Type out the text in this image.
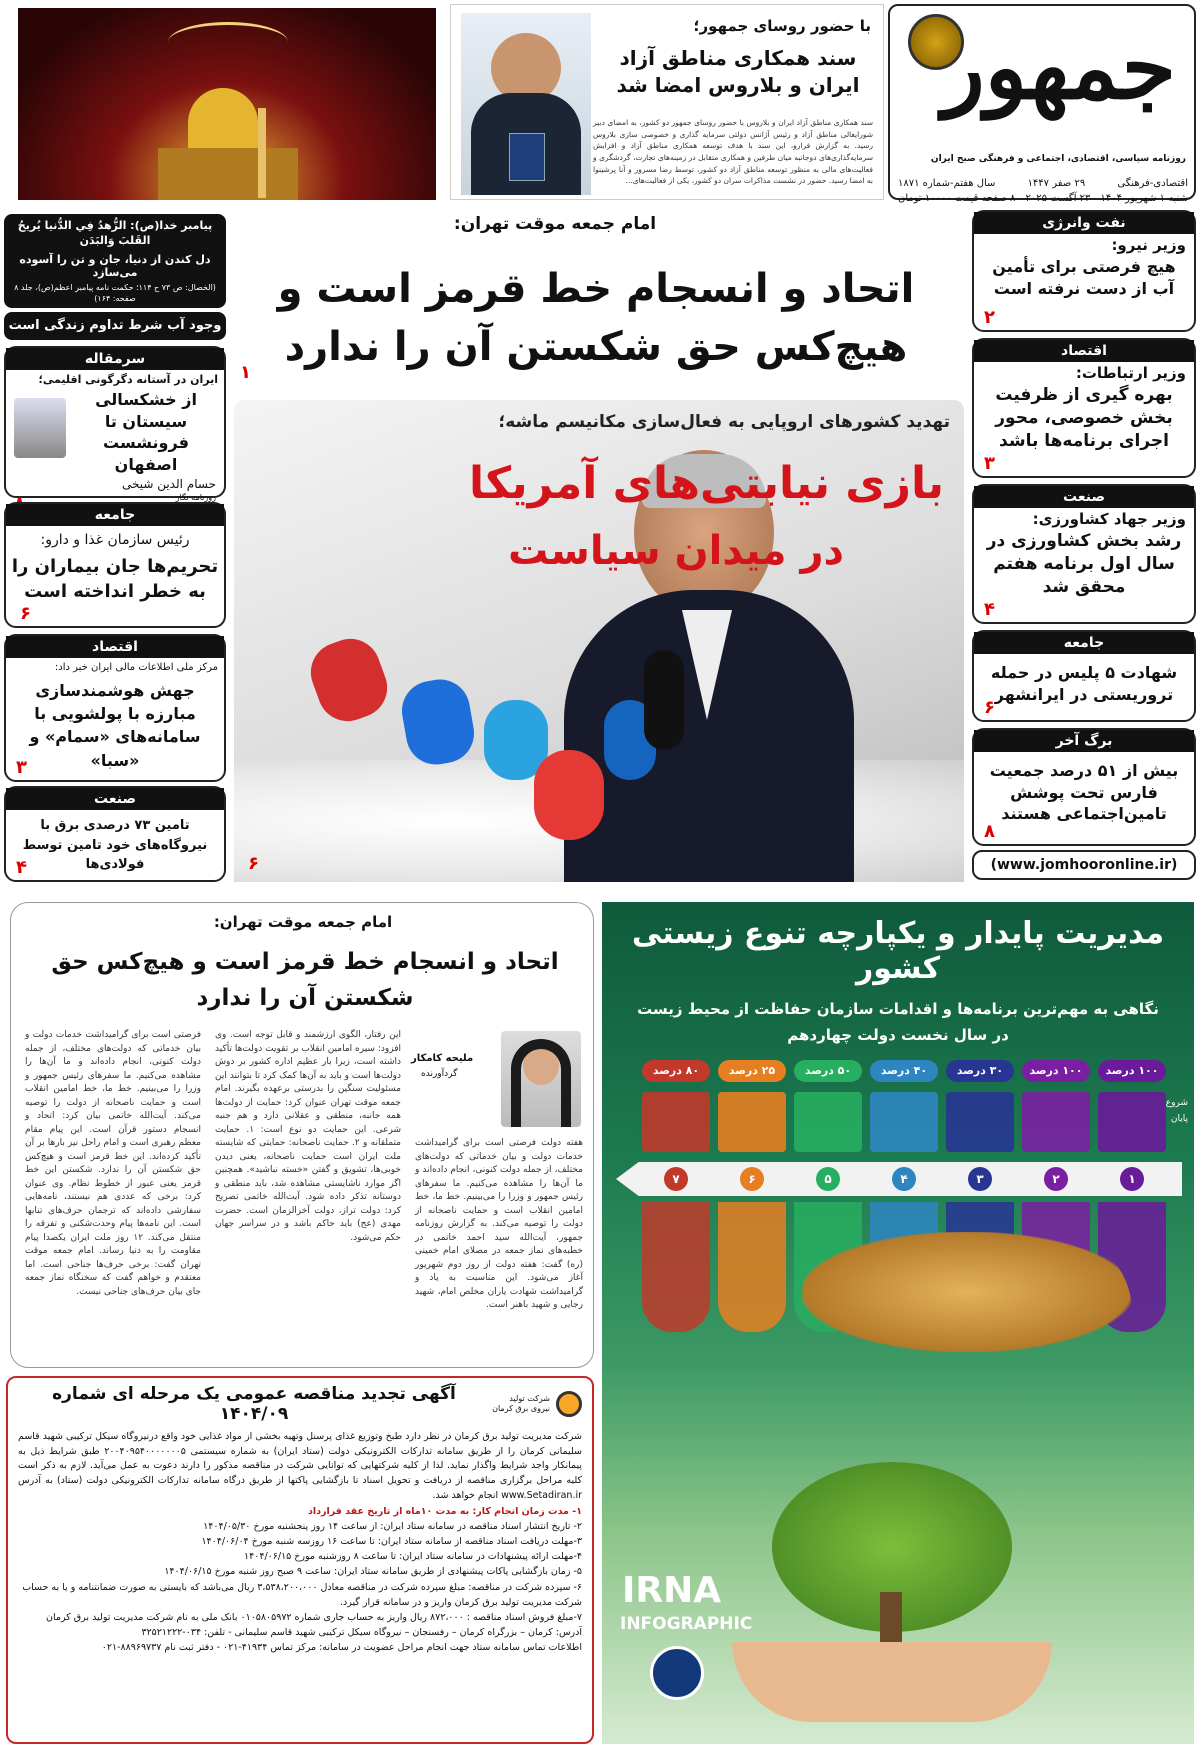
جمهور
روزنامه سیاسی، اقتصادی، اجتماعی و فرهنگی صبح ایران
اقتصادی-فرهنگی
۲۹ صفر ۱۴۴۷
سال هفتم-شماره ۱۸۷۱
شنبه ۱ شهریور ۱۴۰۴
۲۳ آگست ۲۰۲۵
۸ صفحه قیمت ۱۰۰۰۰ تومان
با حضور روسای جمهور؛
سند همکاری مناطق آزاد ایران و بلاروس امضا شد
سند همکاری مناطق آزاد ایران و بلاروس با حضور روسای جمهور دو کشور، به امضای دبیر شورایعالی مناطق آزاد و رئیس آژانس دولتی سرمایه گذاری و خصوصی سازی بلاروس رسید. به گزارش فرارو، این سند با هدف توسعه همکاری مناطق آزاد و افزایش سرمایه‌گذاری‌های دوجانبه میان طرفین و همکاری متقابل در زمینه‌های تجارت، گردشگری و فعالیت‌های مالی به منظور توسعه مناطق آزاد دو کشور، توسط رضا مسرور و آنا پرشینوا به امضا رسید. حضور در نشست مذاکرات سران دو کشور، یکی از فعالیت‌های...
پیامبر خدا(ص): الزُّهدُ فِي الدُّنيا يُريحُ القَلبَ وَالبَدَن
دل کندن از دنیا، جان و تن را آسوده می‌سازد
(الخصال: ص ۷۳ ح ۱۱۴؛ حکمت نامه پیامبر اعظم(ص)، جلد ۸ صفحه: ۱۶۴)
وجود آب شرط تداوم زندگی است
سرمقاله
ایران در آستانه دگرگونی اقلیمی؛
از خشکسالی سیستان تا فرونشست اصفهان
حسام الدین شیخی
روزنامه نگار
جامعه
رئیس سازمان غذا و دارو:
تحریم‌ها جان بیماران را به خطر انداخته است
۶
اقتصاد
مرکز ملی اطلاعات مالی ایران خبر داد:
جهش هوشمندسازی مبارزه با پولشویی با سامانه‌های «سمام» و «سبا»
۳
صنعت
تامین ۷۳ درصدی برق با نیروگاه‌های خود تامین توسط فولادی‌ها
۴
امام جمعه موقت تهران:
اتحاد و انسجام خط قرمز است و هیچ‌کس حق شکستن آن را ندارد
۱
تهدید کشورهای اروپایی به فعال‌سازی مکانیسم ماشه؛
بازی نیابتی‌های آمریکا
در میدان سیاست
۶
نفت وانرژی
وزیر نیرو:
هیچ فرصتی برای تأمین آب از دست نرفته است
۲
اقتصاد
وزیر ارتباطات:
بهره گیری از ظرفیت بخش خصوصی، محور اجرای برنامه‌ها باشد
۳
صنعت
وزیر جهاد کشاورزی:
رشد بخش کشاورزی در سال اول برنامه هفتم محقق شد
۴
جامعه
شهادت ۵ پلیس در حمله تروریستی در ایرانشهر
۶
برگ آخر
بیش از ۵۱ درصد جمعیت فارس تحت پوشش تامین‌اجتماعی هستند
۸
(www.jomhooronline.ir)
امام جمعه موقت تهران:
اتحاد و انسجام خط قرمز است و هیچ‌کس حق شکستن آن را ندارد
ملیحه کامکار
گردآورنده

فرصتی است برای گرامیداشت خدمات دولت و بیان خدماتی که دولت‌های مختلف، از جمله دولت کنونی، انجام داده‌اند و ما آن‌ها را مشاهده می‌کنیم. ما سفرهای رئیس جمهور و وزرا را می‌بینیم. خط ما، خط امامین انقلاب است و حمایت ناصحانه از دولت را توصیه می‌کند. آیت‌الله خاتمی بیان کرد: اتحاد و انسجام دستور قرآن است. این پیام مقام معظم رهبری است و امام راحل نیز بارها بر آن تأکید کرده‌اند. این خط قرمز است و هیچ‌کس حق شکستن آن را ندارد. شکستن این خط قرمز یعنی عبور از خطوط نظام. وی عنوان کرد: برخی که عددی هم نیستند، نامه‌هایی سفارشی داده‌اند که ترجمان حرف‌های تنابها است. این نامه‌ها پیام وحدت‌شکنی و تفرقه را منتقل می‌کند. ۱۲ روز ملت ایران یکصدا پیام مقاومت را به دنیا رساند. امام جمعه موقت تهران گفت: برخی حرف‌ها جناحی است. اما معتقدم و خواهم گفت که سخنگاه نماز جمعه جای بیان حرف‌های جناحی نیست.

این رفتار، الگوی ارزشمند و قابل توجه است. وی افزود: سیره امامین انقلاب بر تقویت دولت‌ها تأکید داشته است، زیرا بار عظیم اداره کشور بر دوش دولت‌ها است و باید به آن‌ها کمک کرد تا بتوانند این مسئولیت سنگین را بدرستی برعهده بگیرند. امام جمعه موقت تهران عنوان کرد: حمایت از دولت‌ها همه جانبه، منطقی و عقلانی دارد و هم جنبه شرعی. این حمایت دو نوع است: ۱. حمایت متملقانه و ۲. حمایت ناصحانه: حمایتی که شایسته ملت ایران است حمایت ناصحانه، یعنی دیدن خوبی‌ها، تشویق و گفتن «خسته نباشید». همچنین اگر موارد ناشایستی مشاهده شد، باید منطقی و دوستانه تذکر داده شود. آیت‌الله خاتمی تصریح کرد: دولت تراز، دولت آخرالزمان است. حضرت مهدی (عج) باید حاکم باشد و در سراسر جهان حکم می‌شود.

هفته دولت فرصتی است برای گرامیداشت خدمات دولت و بیان خدماتی که دولت‌های مختلف، از جمله دولت کنونی، انجام داده‌اند و ما آن‌ها را مشاهده می‌کنیم. ما سفرهای رئیس جمهور و وزرا را می‌بینیم. خط ما، خط امامین انقلاب است و حمایت ناصحانه از دولت را توصیه می‌کند. به گزارش روزنامه جمهور، آیت‌الله سید احمد خاتمی در خطبه‌های نماز جمعه در مصلای امام خمینی (ره) گفت: هفته دولت از روز دوم شهریور آغاز می‌شود. این مناسبت به یاد و گرامیداشت شهادت یاران مخلص امام، شهید رجایی و شهید باهنر است.

شرکت تولید نیروی برق کرمان
آگهی تجدید مناقصه عمومی یک مرحله ای شماره ۱۴۰۴/۰۹
شرکت مدیریت تولید برق کرمان در نظر دارد طبخ وتوزیع غذای پرسنل وتهیه بخشی از مواد غذایی خود واقع درنیروگاه سیکل ترکیبی شهید قاسم سلیمانی کرمان را از طریق سامانه تدارکات الکترونیکی دولت (ستاد ایران) به شماره سیستمی ۲۰۰۴۰۹۵۴۰۰۰۰۰۰۰۵ طبق شرایط ذیل به پیمانکار واجد شرایط واگذار نماید. لذا از کلیه شرکتهایی که توانایی شرکت در مناقصه مذکور را دارند دعوت به عمل می‌آید. لازم به ذکر است کلیه مراحل برگزاری مناقصه از دریافت و تحویل اسناد تا بازگشایی پاکتها از طریق درگاه سامانه تدارکات الکترونیکی دولت (ستاد) به آدرس www.Setadiran.ir انجام خواهد شد.
۱- مدت زمان انجام کار: به مدت ۱۰ماه از تاریخ عقد قرارداد
۲- تاریخ انتشار اسناد مناقصه در سامانه ستاد ایران: از ساعت ۱۴ روز پنجشنبه مورخ ۱۴۰۴/۰۵/۳۰
۳-مهلت دریافت اسناد مناقصه از سامانه ستاد ایران: تا ساعت ۱۶ روزسه شنبه مورخ ۱۴۰۴/۰۶/۰۴
۴-مهلت ارائه پیشنهادات در سامانه ستاد ایران: تا ساعت ۸ روزشنبه مورخ ۱۴۰۴/۰۶/۱۵
۵- زمان بازگشایی پاکات پیشنهادی از طریق سامانه ستاد ایران: ساعت ۹ صبح روز شنبه مورخ ۱۴۰۴/۰۶/۱۵
۶- سپرده شرکت در مناقصه: مبلغ سپرده شرکت در مناقصه معادل ۳،۵۳۸،۲۰۰،۰۰۰ ریال می‌باشد که بایستی به صورت ضمانتنامه و یا به حساب شرکت مدیریت تولید برق کرمان واریز و در سامانه قرار گیرد.
۷-مبلغ فروش اسناد مناقصه : ۸۷۲،۰۰۰ ریال واریز به حساب جاری شماره ۰۱۰۵۸۰۵۹۷۲ بانک ملی به نام شرکت مدیریت تولید برق کرمان
آدرس: کرمان – بزرگراه کرمان – رفسنجان – نیروگاه سیکل ترکیبی شهید قاسم سلیمانی - تلفن: ۰۳۴-۳۲۵۲۱۲۲۲
اطلاعات تماس سامانه ستاد جهت انجام مراحل عضویت در سامانه: مرکز تماس ۴۱۹۳۴-۰۲۱ - دفتر ثبت نام ۸۸۹۶۹۷۳۷-۰۲۱
مدیریت پایدار و یکپارچه تنوع زیستی کشور
نگاهی به مهم‌ترین برنامه‌ها و اقدامات سازمان حفاظت از محیط زیست
در سال نخست دولت چهاردهم
شروع
پایان
۸۰ درصد	۲۵ درصد	۵۰ درصد	۴۰ درصد	۳۰ درصد	۱۰۰ درصد	۱۰۰ درصد
۷	۶	۵	۴	۳	۲	۱
IRNA
INFOGRAPHIC
